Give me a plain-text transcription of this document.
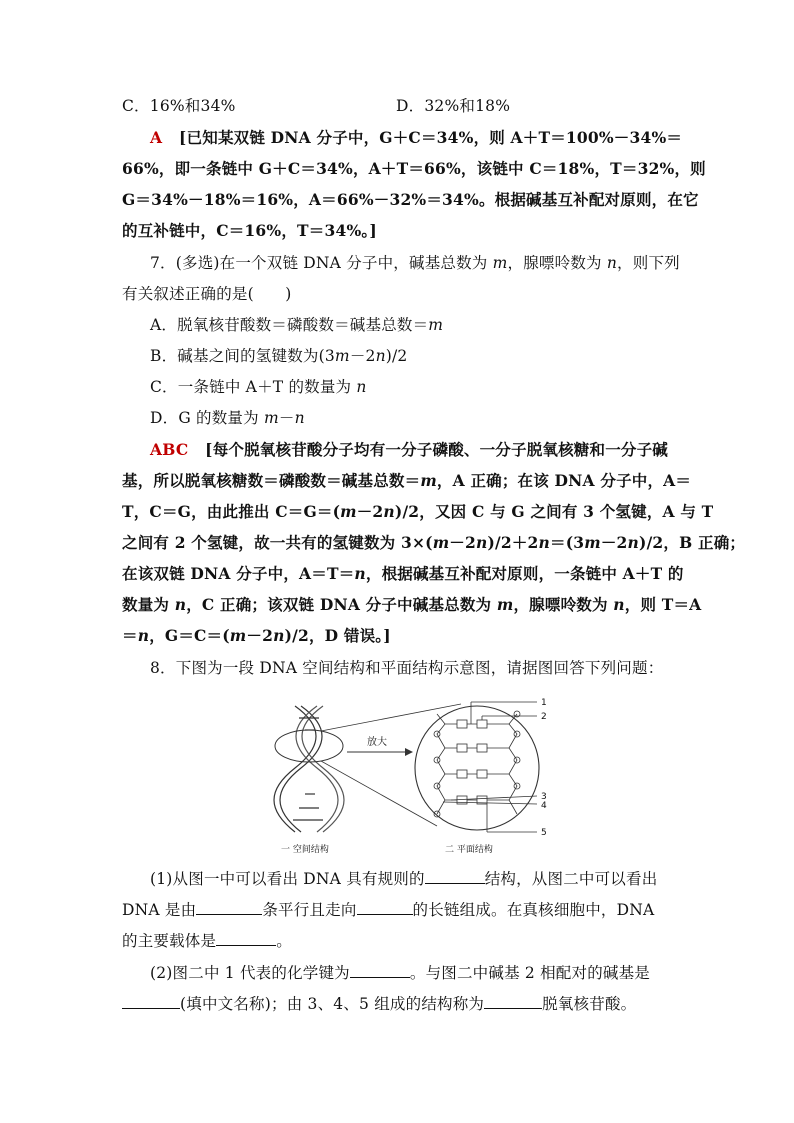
C．16%和34%	D．32%和18%
A [已知某双链 DNA 分子中，G＋C＝34%，则 A＋T＝100%－34%＝
66%，即一条链中 G＋C＝34%，A＋T＝66%，该链中 C＝18%，T＝32%，则
G＝34%－18%＝16%，A＝66%－32%＝34%。根据碱基互补配对原则，在它
的互补链中，C＝16%，T＝34%。]
7．(多选)在一个双链 DNA 分子中，碱基总数为 m，腺嘌呤数为 n，则下列
有关叙述正确的是(　　)
A．脱氧核苷酸数＝磷酸数＝碱基总数＝m
B．碱基之间的氢键数为(3m－2n)/2
C．一条链中 A＋T 的数量为 n
D．G 的数量为 m－n
ABC [每个脱氧核苷酸分子均有一分子磷酸、一分子脱氧核糖和一分子碱
基，所以脱氧核糖数＝磷酸数＝碱基总数＝m，A 正确；在该 DNA 分子中，A＝
T，C＝G，由此推出 C＝G＝(m－2n)/2，又因 C 与 G 之间有 3 个氢键，A 与 T
之间有 2 个氢键，故一共有的氢键数为 3×(m－2n)/2＋2n＝(3m－2n)/2，B 正确；
在该双链 DNA 分子中，A＝T＝n，根据碱基互补配对原则，一条链中 A＋T 的
数量为 n，C 正确；该双链 DNA 分子中碱基总数为 m，腺嘌呤数为 n，则 T＝A
＝n，G＝C＝(m－2n)/2，D 错误。]
8．下图为一段 DNA 空间结构和平面结构示意图，请据图回答下列问题：
放大
1
2
3
4
5
一 空间结构	二 平面结构
(1)从图一中可以看出 DNA 具有规则的	结构，从图二中可以看出
DNA 是由	条平行且走向	的长链组成。在真核细胞中，DNA
的主要载体是	。
(2)图二中 1 代表的化学键为	。与图二中碱基 2 相配对的碱基是
(填中文名称)；由 3、4、5 组成的结构称为	脱氧核苷酸。
